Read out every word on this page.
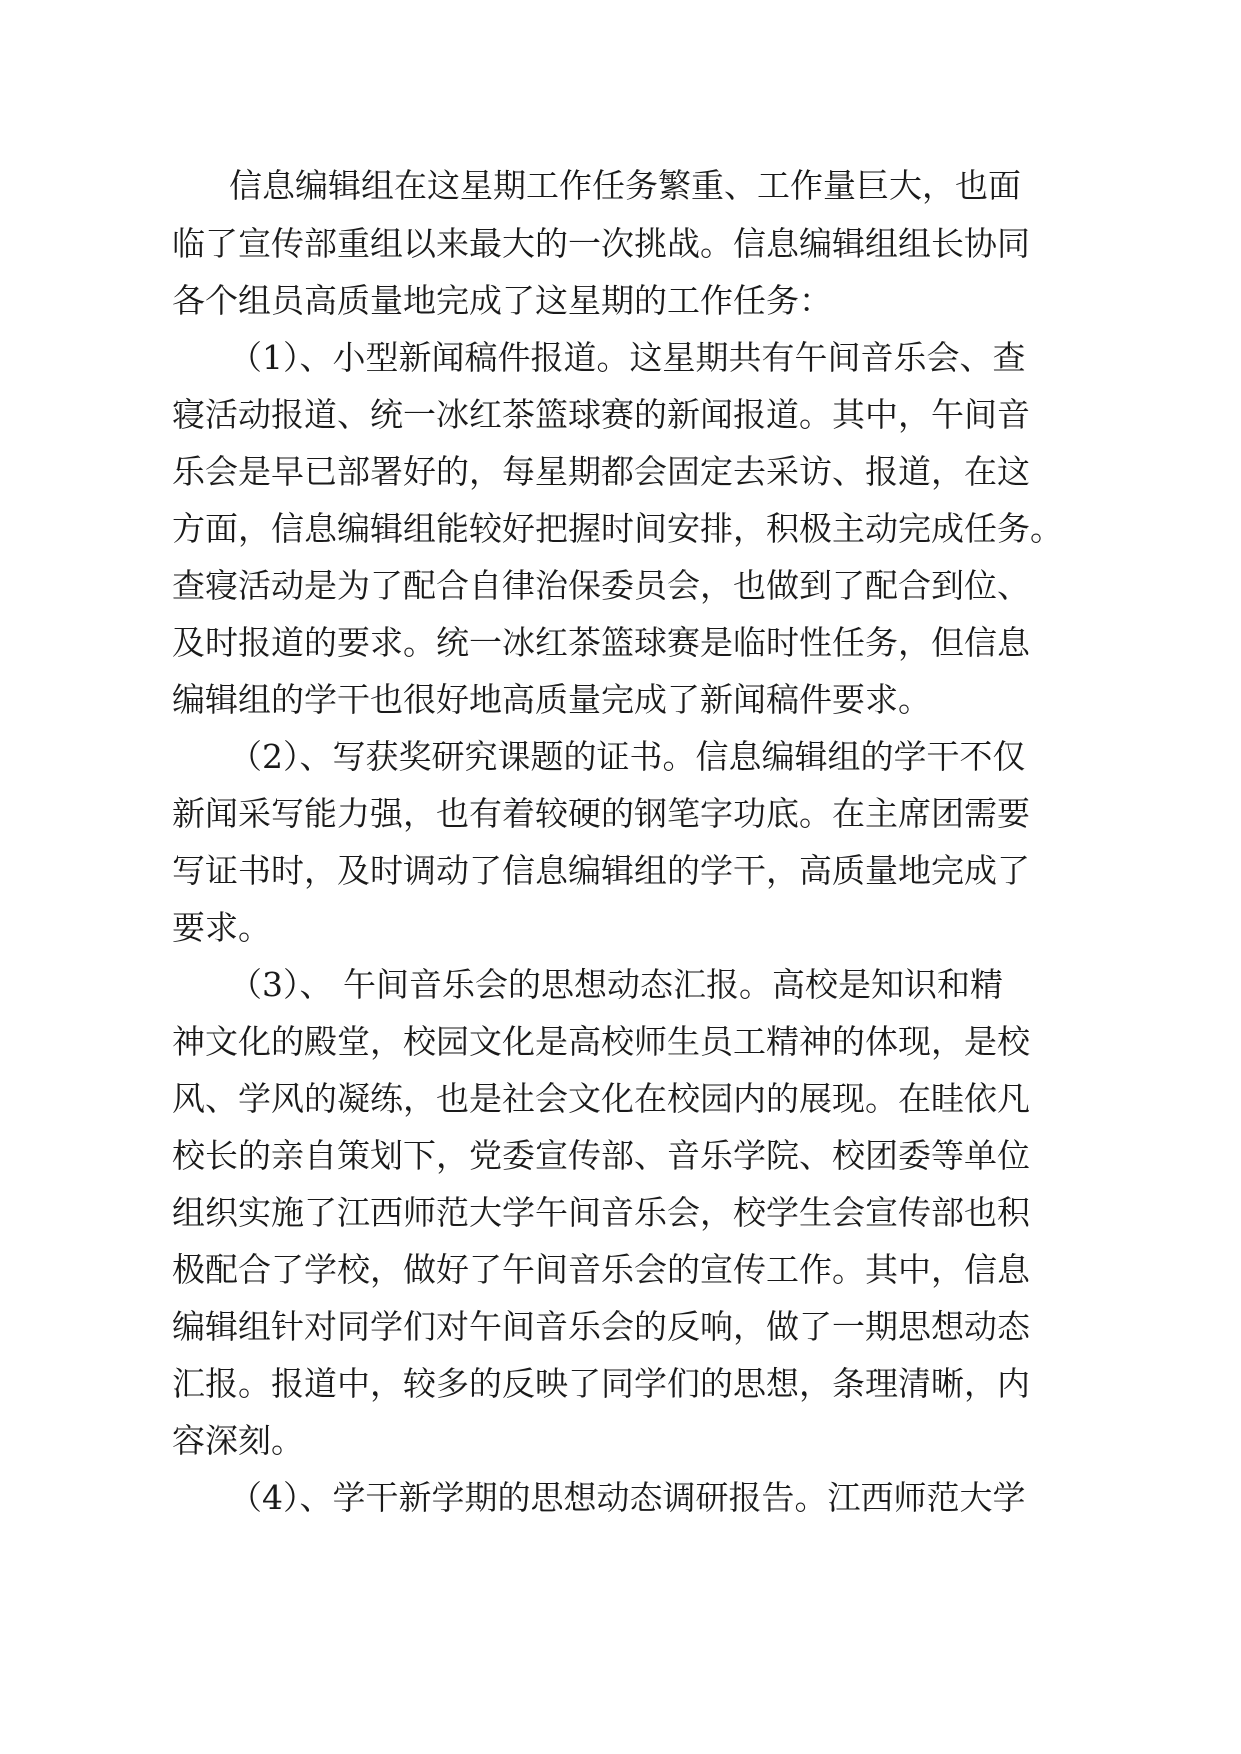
信息编辑组在这星期工作任务繁重、工作量巨大，也面
临了宣传部重组以来最大的一次挑战。信息编辑组组长协同
各个组员高质量地完成了这星期的工作任务：
（1）、小型新闻稿件报道。这星期共有午间音乐会、查
寝活动报道、统一冰红茶篮球赛的新闻报道。其中，午间音
乐会是早已部署好的，每星期都会固定去采访、报道，在这
方面，信息编辑组能较好把握时间安排，积极主动完成任务。
查寝活动是为了配合自律治保委员会，也做到了配合到位、
及时报道的要求。统一冰红茶篮球赛是临时性任务，但信息
编辑组的学干也很好地高质量完成了新闻稿件要求。
（2）、写获奖研究课题的证书。信息编辑组的学干不仅
新闻采写能力强，也有着较硬的钢笔字功底。在主席团需要
写证书时，及时调动了信息编辑组的学干，高质量地完成了
要求。
（3）、 午间音乐会的思想动态汇报。高校是知识和精
神文化的殿堂，校园文化是高校师生员工精神的体现，是校
风、学风的凝练，也是社会文化在校园内的展现。在眭依凡
校长的亲自策划下，党委宣传部、音乐学院、校团委等单位
组织实施了江西师范大学午间音乐会，校学生会宣传部也积
极配合了学校，做好了午间音乐会的宣传工作。其中，信息
编辑组针对同学们对午间音乐会的反响，做了一期思想动态
汇报。报道中，较多的反映了同学们的思想，条理清晰，内
容深刻。
（4）、学干新学期的思想动态调研报告。江西师范大学
